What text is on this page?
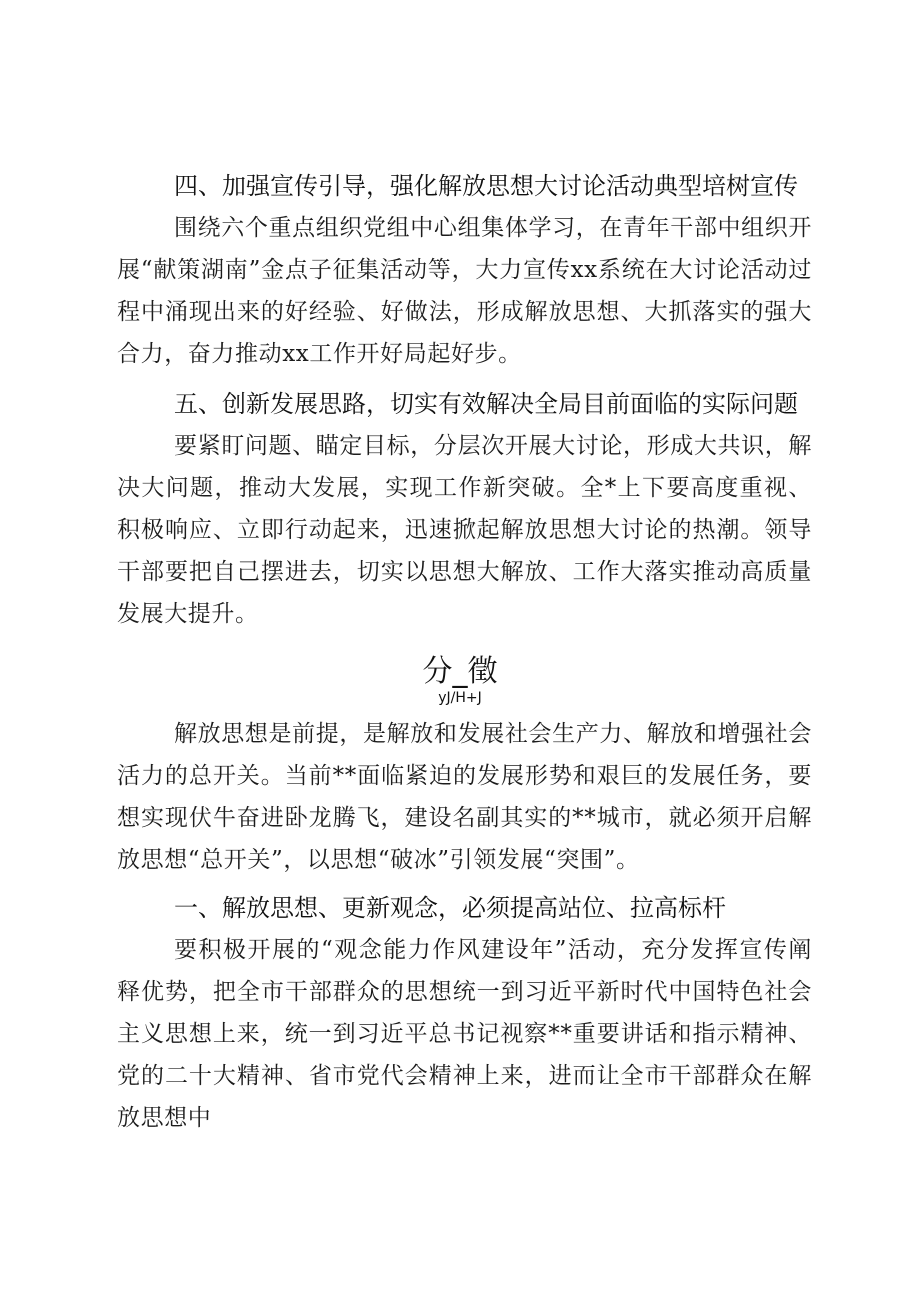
四、加强宣传引导，强化解放思想大讨论活动典型培树宣传
围绕六个重点组织党组中心组集体学习，在青年干部中组织开展“献策湖南”金点子征集活动等，大力宣传xx系统在大讨论活动过程中涌现出来的好经验、好做法，形成解放思想、大抓落实的强大合力，奋力推动xx工作开好局起好步。
五、创新发展思路，切实有效解决全局目前面临的实际问题
要紧盯问题、瞄定目标，分层次开展大讨论，形成大共识，解决大问题，推动大发展，实现工作新突破。全*上下要高度重视、积极响应、立即行动起来，迅速掀起解放思想大讨论的热潮。领导干部要把自己摆进去，切实以思想大解放、工作大落实推动高质量发展大提升。
分_徵
yJ/H+J
解放思想是前提，是解放和发展社会生产力、解放和增强社会活力的总开关。当前**面临紧迫的发展形势和艰巨的发展任务，要想实现伏牛奋进卧龙腾飞，建设名副其实的**城市，就必须开启解放思想“总开关”，以思想“破冰”引领发展“突围”。
一、解放思想、更新观念，必须提高站位、拉高标杆
要积极开展的“观念能力作风建设年”活动，充分发挥宣传阐释优势，把全市干部群众的思想统一到习近平新时代中国特色社会主义思想上来，统一到习近平总书记视察**重要讲话和指示精神、党的二十大精神、省市党代会精神上来，进而让全市干部群众在解放思想中
